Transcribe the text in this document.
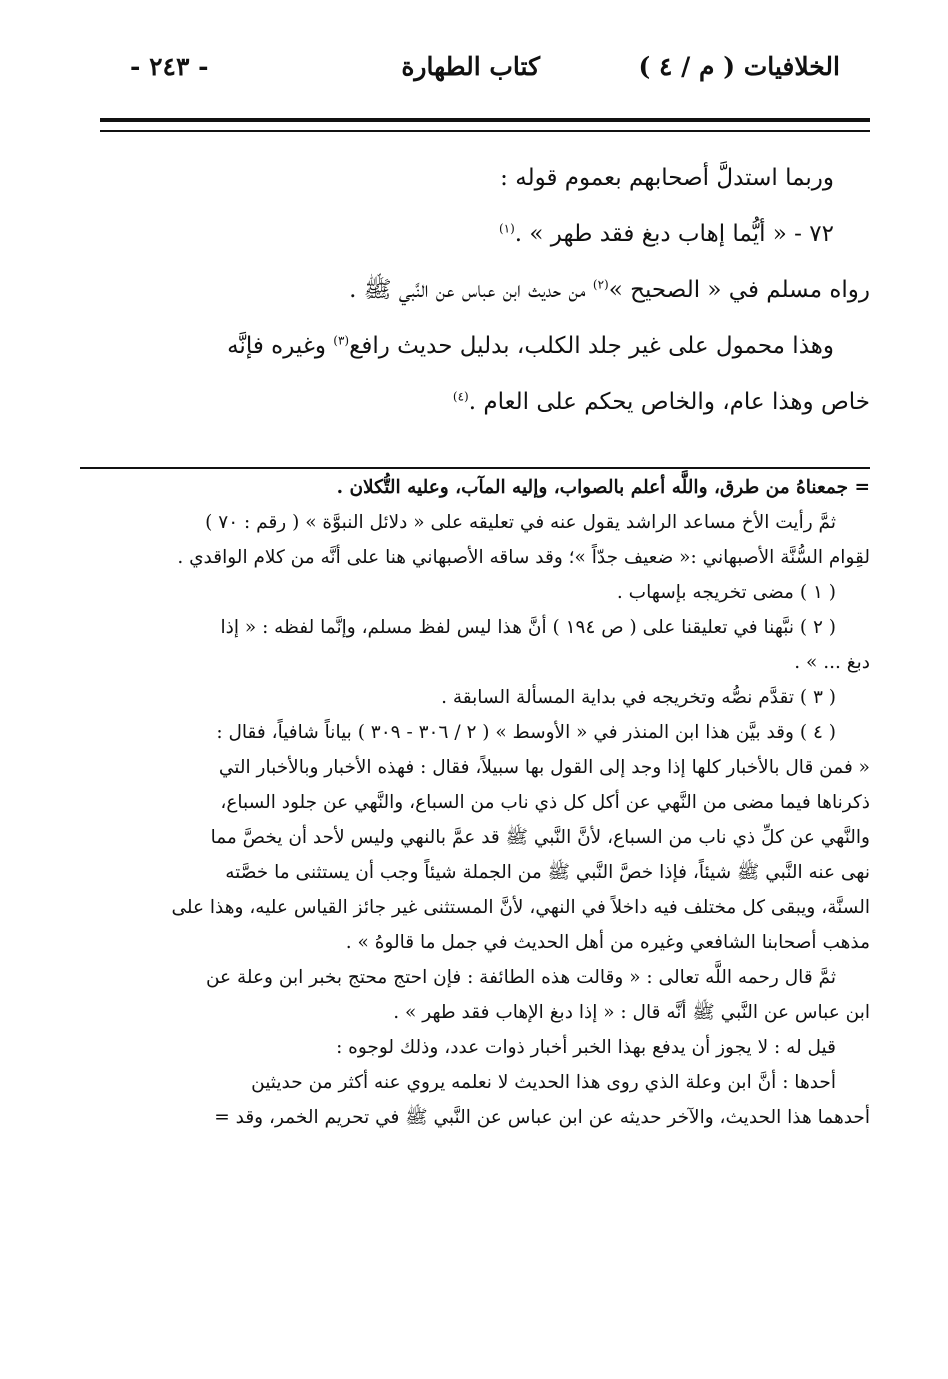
الخلافيات ( م / ٤ )
كتاب الطهارة
- ٢٤٣ -

وربما استدلَّ أصحابهم بعموم قوله :

٧٢ - « أيُّما إهاب دبغ فقد طهر » .$^{(١)}$

رواه مسلم في « الصحيح »$^{(٢)}$ من حديث ابن عباس عن النَّبي ﷺ .

وهذا محمول على غير جلد الكلب، بدليل حديث رافع$^{(٣)}$ وغيره فإنَّه

خاص وهذا عام، والخاص يحكم على العام .$^{(٤)}$

= جمعناهُ من طرق، واللَّه أعلم بالصواب، وإليه المآب، وعليه التُّكلان .

ثمَّ رأيت الأخ مساعد الراشد يقول عنه في تعليقه على « دلائل النبوَّة » ( رقم : ٧٠ )

لقِوام السُّنَّة الأصبهاني :« ضعيف جدّاً »؛ وقد ساقه الأصبهاني هنا على أنَّه من كلام الواقدي .

( ١ ) مضى تخريجه بإسهاب .

( ٢ ) نبَّهنا في تعليقنا على ( ص ١٩٤ ) أنَّ هذا ليس لفظ مسلم، وإنَّما لفظه : « إذا

دبغ ... » .

( ٣ ) تقدَّم نصُّه وتخريجه في بداية المسألة السابقة .

( ٤ ) وقد بيَّن هذا ابن المنذر في « الأوسط » ( ٢ / ٣٠٦ - ٣٠٩ ) بياناً شافياً، فقال :

« فمن قال بالأخبار كلها إذا وجد إلى القول بها سبيلاً، فقال : فهذه الأخبار وبالأخبار التي

ذكرناها فيما مضى من النَّهي عن أكل كل ذي ناب من السباع، والنَّهي عن جلود السباع،

والنَّهي عن كلِّ ذي ناب من السباع، لأنَّ النَّبي ﷺ قد عمَّ بالنهي وليس لأحد أن يخصَّ مما

نهى عنه النَّبي ﷺ شيئاً، فإذا خصَّ النَّبي ﷺ من الجملة شيئاً وجب أن يستثنى ما خصَّته

السنَّة، ويبقى كل مختلف فيه داخلاً في النهي، لأنَّ المستثنى غير جائز القياس عليه، وهذا على

مذهب أصحابنا الشافعي وغيره من أهل الحديث في جمل ما قالوهُ » .

ثمَّ قال رحمه اللَّه تعالى : « وقالت هذه الطائفة : فإن احتج محتج بخبر ابن وعلة عن

ابن عباس عن النَّبي ﷺ أنَّه قال : « إذا دبغ الإهاب فقد طهر » .

قيل له : لا يجوز أن يدفع بهذا الخبر أخبار ذوات عدد، وذلك لوجوه :

أحدها : أنَّ ابن وعلة الذي روى هذا الحديث لا نعلمه يروي عنه أكثر من حديثين

أحدهما هذا الحديث، والآخر حديثه عن ابن عباس عن النَّبي ﷺ في تحريم الخمر، وقد =
